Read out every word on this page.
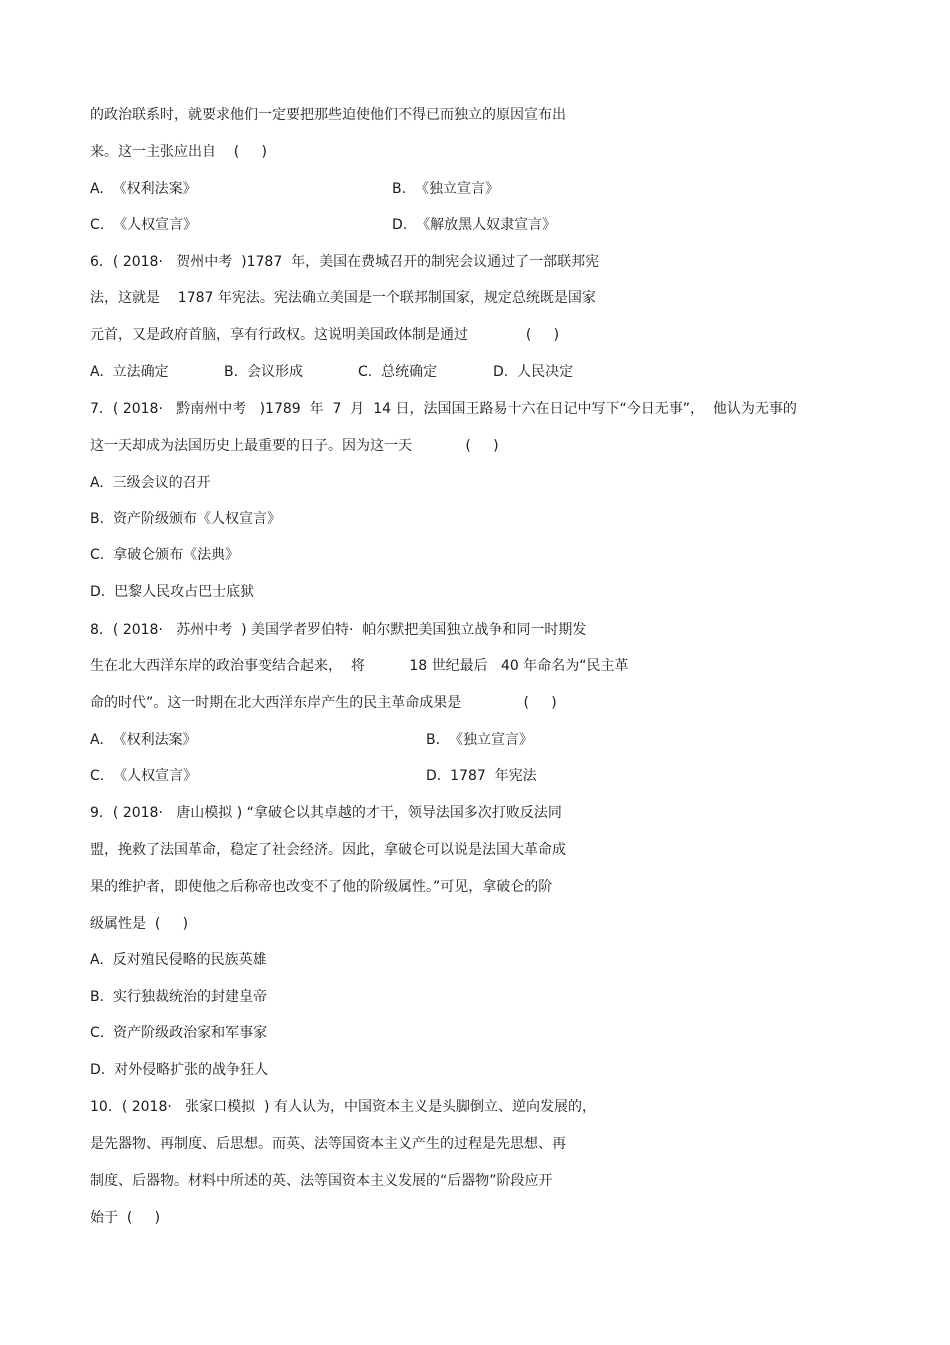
的政治联系时，就要求他们一定要把那些迫使他们不得已而独立的原因宣布出
来。这一主张应出自    (     )
A.  《权利法案》	B.  《独立宣言》
C.  《人权宣言》	D.  《解放黑人奴隶宣言》
6．( 2018·   贺州中考  )1787  年，美国在费城召开的制宪会议通过了一部联邦宪
法，这就是    1787 年宪法。宪法确立美国是一个联邦制国家，规定总统既是国家
元首，又是政府首脑，享有行政权。这说明美国政体制是通过             (     )
A.  立法确定	B.  会议形成	C.  总统确定	D.  人民决定
7．( 2018·   黔南州中考   )1789  年  7  月  14 日，法国国王路易十六在日记中写下“今日无事”，  他认为无事的
这一天却成为法国历史上最重要的日子。因为这一天            (     )
A.  三级会议的召开
B.  资产阶级颁布《人权宣言》
C.  拿破仑颁布《法典》
D.  巴黎人民攻占巴士底狱
8．( 2018·   苏州中考  ) 美国学者罗伯特·  帕尔默把美国独立战争和同一时期发
生在北大西洋东岸的政治事变结合起来，  将          18 世纪最后   40 年命名为“民主革
命的时代”。这一时期在北大西洋东岸产生的民主革命成果是              (     )
A.  《权利法案》	B.  《独立宣言》
C.  《人权宣言》	D.  1787  年宪法
9．( 2018·   唐山模拟 ) “拿破仑以其卓越的才干，领导法国多次打败反法同
盟，挽救了法国革命，稳定了社会经济。因此，拿破仑可以说是法国大革命成
果的维护者，即使他之后称帝也改变不了他的阶级属性。”可见，拿破仑的阶
级属性是  (     )
A.  反对殖民侵略的民族英雄
B.  实行独裁统治的封建皇帝
C.  资产阶级政治家和军事家
D.  对外侵略扩张的战争狂人
10．( 2018·   张家口模拟  ) 有人认为，中国资本主义是头脚倒立、逆向发展的，
是先器物、再制度、后思想。而英、法等国资本主义产生的过程是先思想、再
制度、后器物。材料中所述的英、法等国资本主义发展的“后器物”阶段应开
始于  (     )
